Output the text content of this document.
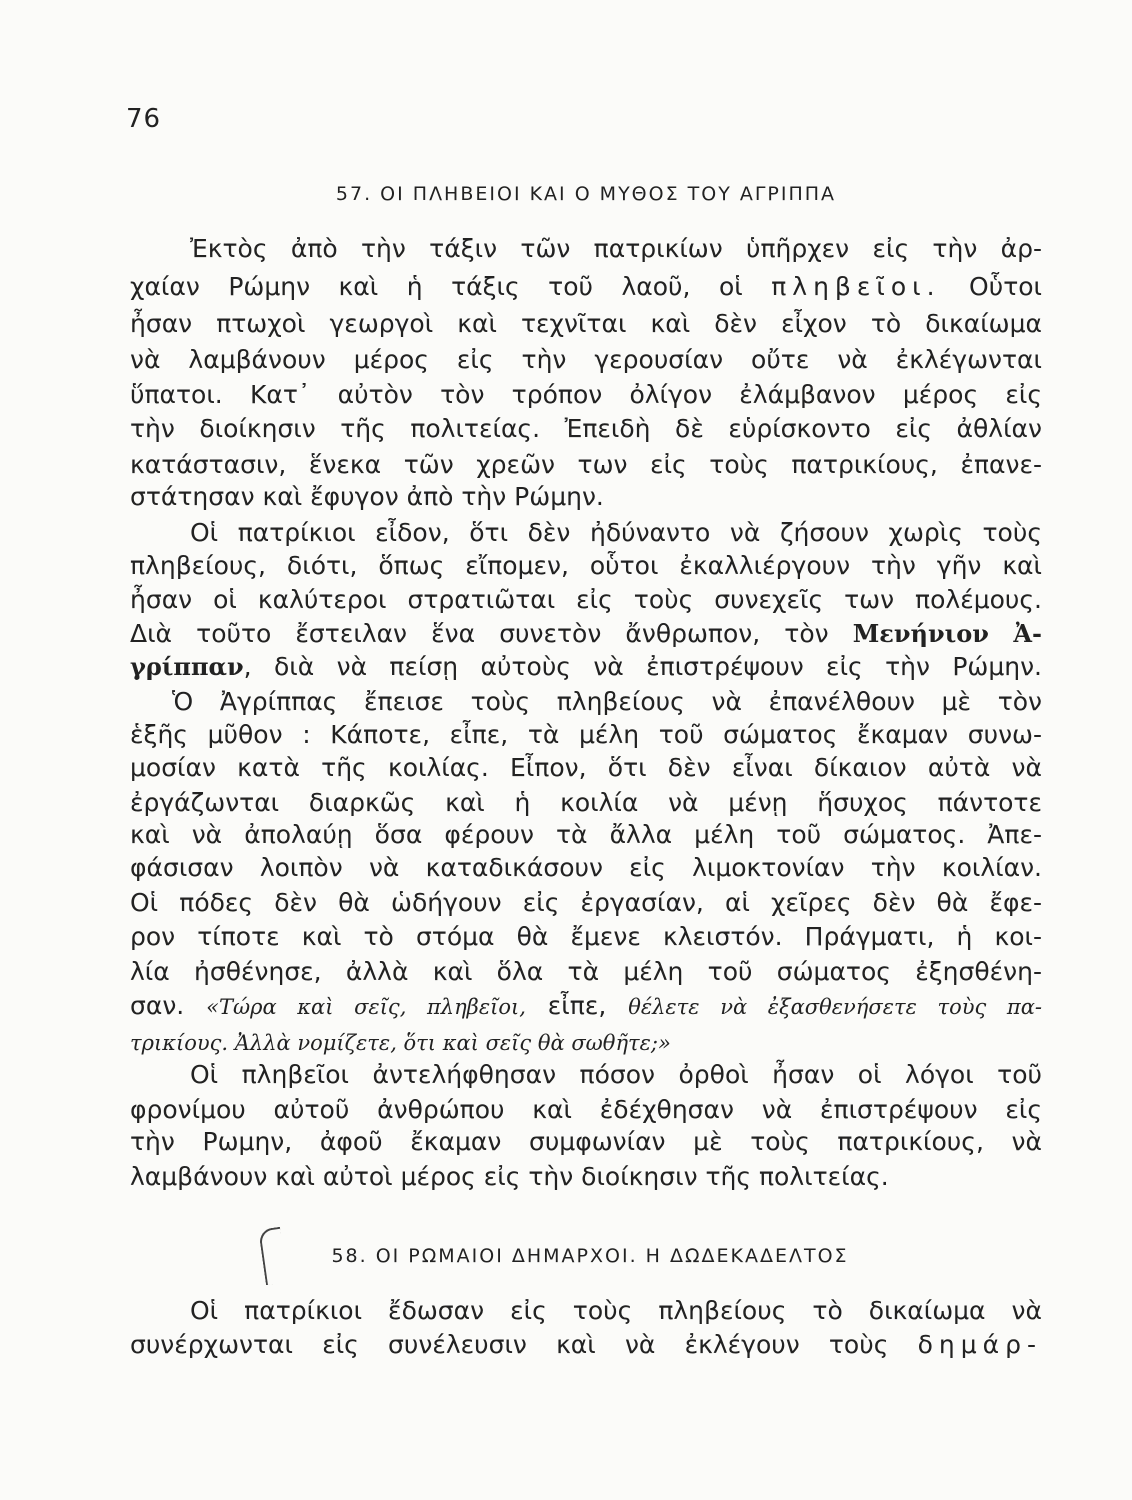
76
57. ΟΙ ΠΛΗΒΕΙΟΙ ΚΑΙ Ο ΜΥΘΟΣ ΤΟΥ ΑΓΡΙΠΠΑ
Ἐκτὸς ἀπὸ τὴν τάξιν τῶν πατρικίων ὑπῆρχεν εἰς τὴν ἀρ-
χαίαν Ρώμην καὶ ἡ τάξις τοῦ λαοῦ, οἱ πληβεῖοι. Οὗτοι
ἦσαν πτωχοὶ γεωργοὶ καὶ τεχνῖται καὶ δὲν εἶχον τὸ δικαίωμα
νὰ λαμβάνουν μέρος εἰς τὴν γερουσίαν οὔτε νὰ ἐκλέγωνται
ὕπατοι. Κατ᾽ αὐτὸν τὸν τρόπον ὀλίγον ἐλάμβανον μέρος εἰς
τὴν διοίκησιν τῆς πολιτείας. Ἐπειδὴ δὲ εὑρίσκοντο εἰς ἀθλίαν
κατάστασιν, ἕνεκα τῶν χρεῶν των εἰς τοὺς πατρικίους, ἐπανε-
στάτησαν καὶ ἔφυγον ἀπὸ τὴν Ρώμην.
Οἱ πατρίκιοι εἶδον, ὅτι δὲν ἠδύναντο νὰ ζήσουν χωρὶς τοὺς
πληβείους, διότι, ὅπως εἴπομεν, οὗτοι ἐκαλλιέργουν τὴν γῆν καὶ
ἦσαν οἱ καλύτεροι στρατιῶται εἰς τοὺς συνεχεῖς των πολέμους.
Διὰ τοῦτο ἔστειλαν ἕνα συνετὸν ἄνθρωπον, τὸν Μενήνιον Ἀ-
γρίππαν, διὰ νὰ πείσῃ αὐτοὺς νὰ ἐπιστρέψουν εἰς τὴν Ρώμην.
Ὁ Ἀγρίππας ἔπεισε τοὺς πληβείους νὰ ἐπανέλθουν μὲ τὸν
ἑξῆς μῦθον : Κάποτε, εἶπε, τὰ μέλη τοῦ σώματος ἔκαμαν συνω-
μοσίαν κατὰ τῆς κοιλίας. Εἶπον, ὅτι δὲν εἶναι δίκαιον αὐτὰ νὰ
ἐργάζωνται διαρκῶς καὶ ἡ κοιλία νὰ μένῃ ἥσυχος πάντοτε
καὶ νὰ ἀπολαύῃ ὅσα φέρουν τὰ ἄλλα μέλη τοῦ σώματος. Ἀπε-
φάσισαν λοιπὸν νὰ καταδικάσουν εἰς λιμοκτονίαν τὴν κοιλίαν.
Οἱ πόδες δὲν θὰ ὡδήγουν εἰς ἐργασίαν, αἱ χεῖρες δὲν θὰ ἔφε-
ρον τίποτε καὶ τὸ στόμα θὰ ἔμενε κλειστόν. Πράγματι, ἡ κοι-
λία ἠσθένησε, ἀλλὰ καὶ ὅλα τὰ μέλη τοῦ σώματος ἐξησθένη-
σαν. «Τώρα καὶ σεῖς, πληβεῖοι, εἶπε, θέλετε νὰ ἐξασθενήσετε τοὺς πα-
τρικίους. Ἀλλὰ νομίζετε, ὅτι καὶ σεῖς θὰ σωθῆτε;»
Οἱ πληβεῖοι ἀντελήφθησαν πόσον ὀρθοὶ ἦσαν οἱ λόγοι τοῦ
φρονίμου αὐτοῦ ἀνθρώπου καὶ ἐδέχθησαν νὰ ἐπιστρέψουν εἰς
τὴν Ρωμην, ἀφοῦ ἔκαμαν συμφωνίαν μὲ τοὺς πατρικίους, νὰ
λαμβάνουν καὶ αὐτοὶ μέρος εἰς τὴν διοίκησιν τῆς πολιτείας.
58. ΟΙ ΡΩΜΑΙΟΙ ΔΗΜΑΡΧΟΙ. Η ΔΩΔΕΚΑΔΕΛΤΟΣ
Οἱ πατρίκιοι ἔδωσαν εἰς τοὺς πληβείους τὸ δικαίωμα νὰ
συνέρχωνται εἰς συνέλευσιν καὶ νὰ ἐκλέγουν τοὺς δημάρ-
